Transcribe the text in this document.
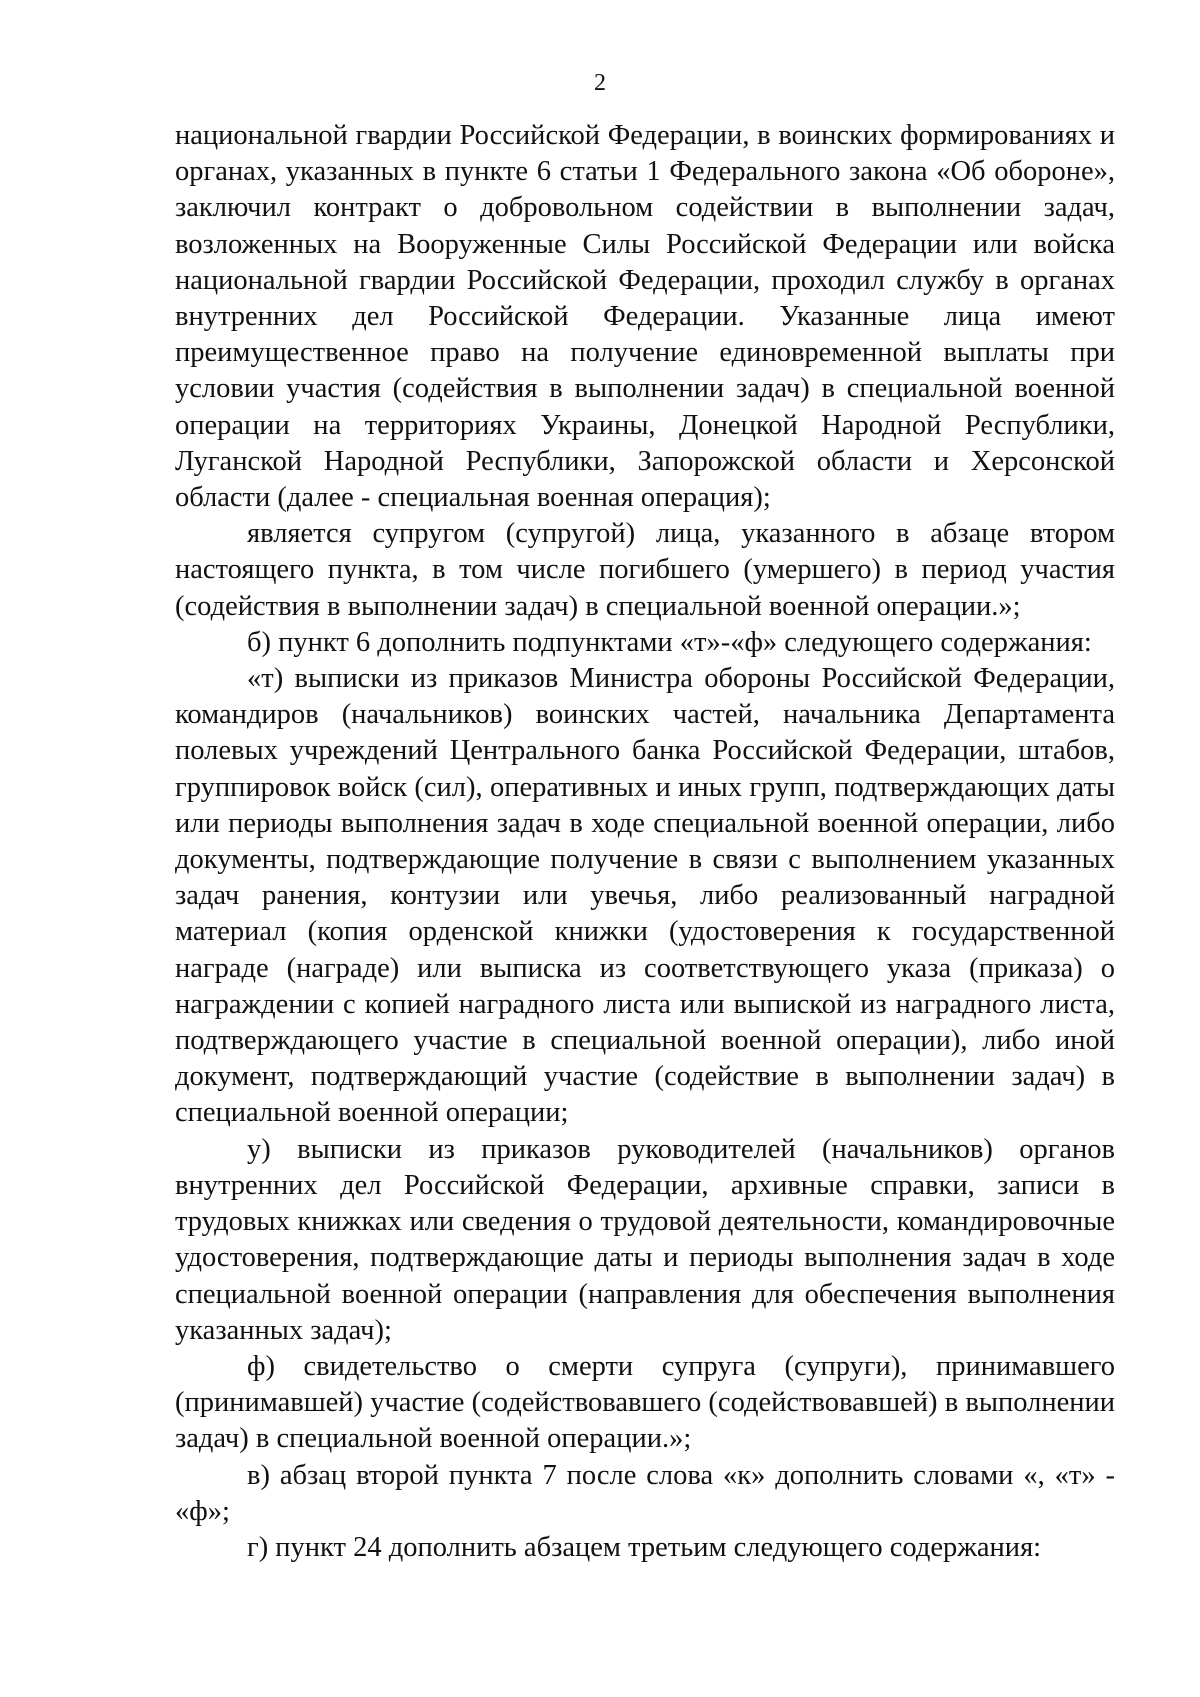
2

национальной гвардии Российской Федерации, в воинских формированиях и органах, указанных в пункте 6 статьи 1 Федерального закона «Об обороне», заключил контракт о добровольном содействии в выполнении задач, возложенных на Вооруженные Силы Российской Федерации или войска национальной гвардии Российской Федерации, проходил службу в органах внутренних дел Российской Федерации. Указанные лица имеют преимущественное право на получение единовременной выплаты при условии участия (содействия в выполнении задач) в специальной военной операции на территориях Украины, Донецкой Народной Республики, Луганской Народной Республики, Запорожской области и Херсонской области (далее - специальная военная операция);

является супругом (супругой) лица, указанного в абзаце втором настоящего пункта, в том числе погибшего (умершего) в период участия (содействия в выполнении задач) в специальной военной операции.»;

б) пункт 6 дополнить подпунктами «т»-«ф» следующего содержания:

«т) выписки из приказов Министра обороны Российской Федерации, командиров (начальников) воинских частей, начальника Департамента полевых учреждений Центрального банка Российской Федерации, штабов, группировок войск (сил), оперативных и иных групп, подтверждающих даты или периоды выполнения задач в ходе специальной военной операции, либо документы, подтверждающие получение в связи с выполнением указанных задач ранения, контузии или увечья, либо реализованный наградной материал (копия орденской книжки (удостоверения к государственной награде (награде) или выписка из соответствующего указа (приказа) о награждении с копией наградного листа или выпиской из наградного листа, подтверждающего участие в специальной военной операции), либо иной документ, подтверждающий участие (содействие в выполнении задач) в специальной военной операции;

у) выписки из приказов руководителей (начальников) органов внутренних дел Российской Федерации, архивные справки, записи в трудовых книжках или сведения о трудовой деятельности, командировочные удостоверения, подтверждающие даты и периоды выполнения задач в ходе специальной военной операции (направления для обеспечения выполнения указанных задач);

ф) свидетельство о смерти супруга (супруги), принимавшего (принимавшей) участие (содействовавшего (содействовавшей) в выполнении задач) в специальной военной операции.»;

в) абзац второй пункта 7 после слова «к» дополнить словами «, «т» - «ф»;

г) пункт 24 дополнить абзацем третьим следующего содержания:
